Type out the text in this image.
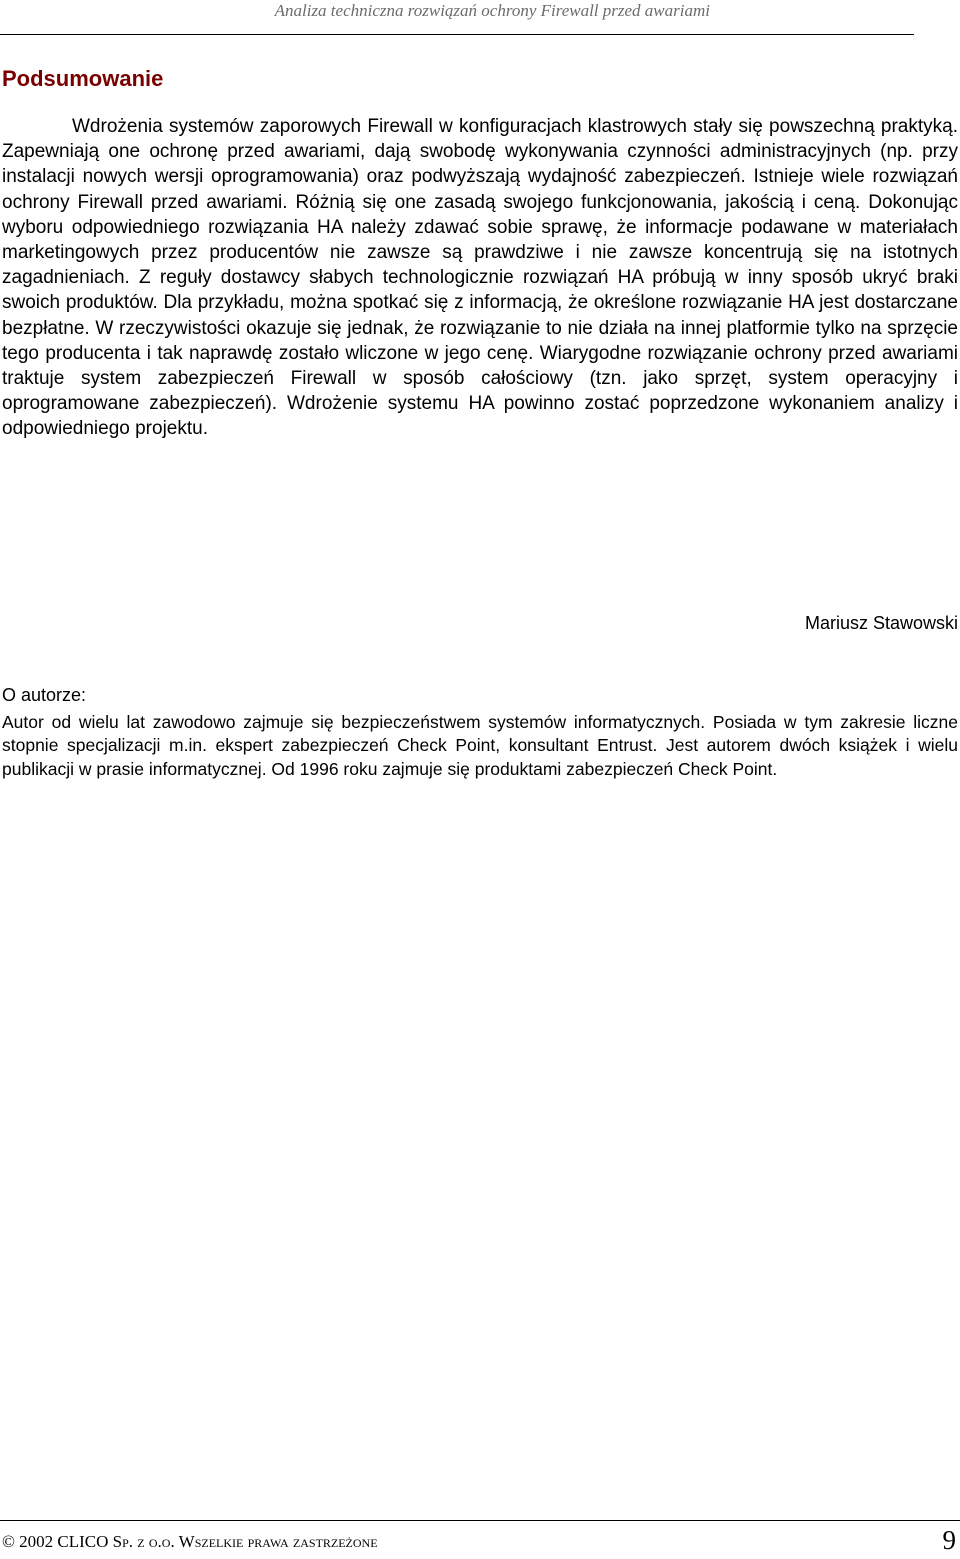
Analiza techniczna rozwiązań ochrony Firewall przed awariami
Podsumowanie

Wdrożenia systemów zaporowych Firewall w konfiguracjach klastrowych stały się powszechną praktyką. Zapewniają one ochronę przed awariami, dają swobodę wykonywania czynności administracyjnych (np. przy instalacji nowych wersji oprogramowania) oraz podwyższają wydajność zabezpieczeń. Istnieje wiele rozwiązań ochrony Firewall przed awariami. Różnią się one zasadą swojego funkcjonowania, jakością i ceną. Dokonując wyboru odpowiedniego rozwiązania HA należy zdawać sobie sprawę, że informacje podawane w materiałach marketingowych przez producentów nie zawsze są prawdziwe i nie zawsze koncentrują się na istotnych zagadnieniach. Z reguły dostawcy słabych technologicznie rozwiązań HA próbują w inny sposób ukryć braki swoich produktów. Dla przykładu, można spotkać się z informacją, że określone rozwiązanie HA jest dostarczane bezpłatne. W rzeczywistości okazuje się jednak, że rozwiązanie to nie działa na innej platformie tylko na sprzęcie tego producenta i tak naprawdę zostało wliczone w jego cenę. Wiarygodne rozwiązanie ochrony przed awariami traktuje system zabezpieczeń Firewall w sposób całościowy (tzn. jako sprzęt, system operacyjny i oprogramowane zabezpieczeń). Wdrożenie systemu HA powinno zostać poprzedzone wykonaniem analizy i odpowiedniego projektu.

Mariusz Stawowski
O autorze:

Autor od wielu lat zawodowo zajmuje się bezpieczeństwem systemów informatycznych. Posiada w tym zakresie liczne stopnie specjalizacji m.in. ekspert zabezpieczeń Check Point, konsultant Entrust. Jest autorem dwóch książek i wielu publikacji w prasie informatycznej. Od 1996 roku zajmuje się produktami zabezpieczeń Check Point.

© 2002 CLICO Sp. z o.o. Wszelkie prawa zastrzeżone	9
